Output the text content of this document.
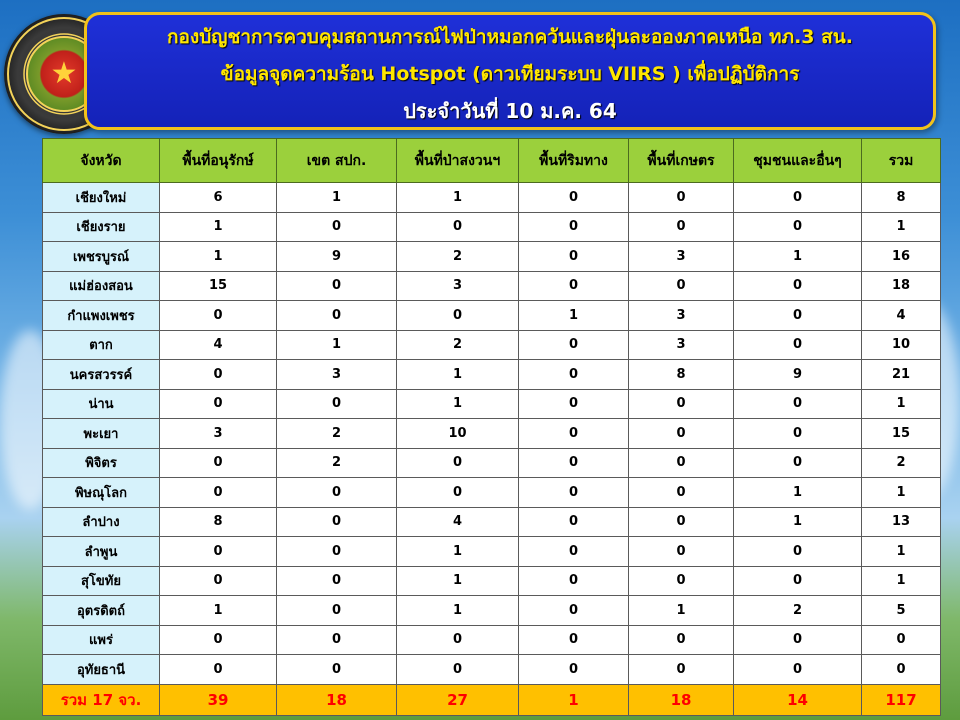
★
กองบัญชาการควบคุมสถานการณ์ไฟป่าหมอกควันและฝุ่นละอองภาคเหนือ ทภ.3 สน.
ข้อมูลจุดความร้อน Hotspot (ดาวเทียมระบบ VIIRS ) เพื่อปฏิบัติการ
ประจำวันที่ 10 ม.ค. 64
จังหวัด	พื้นที่อนุรักษ์	เขต สปก.	พื้นที่ป่าสงวนฯ	พื้นที่ริมทาง	พื้นที่เกษตร	ชุมชนและอื่นๆ	รวม
เชียงใหม่	6	1	1	0	0	0	8
เชียงราย	1	0	0	0	0	0	1
เพชรบูรณ์	1	9	2	0	3	1	16
แม่ฮ่องสอน	15	0	3	0	0	0	18
กำแพงเพชร	0	0	0	1	3	0	4
ตาก	4	1	2	0	3	0	10
นครสวรรค์	0	3	1	0	8	9	21
น่าน	0	0	1	0	0	0	1
พะเยา	3	2	10	0	0	0	15
พิจิตร	0	2	0	0	0	0	2
พิษณุโลก	0	0	0	0	0	1	1
ลำปาง	8	0	4	0	0	1	13
ลำพูน	0	0	1	0	0	0	1
สุโขทัย	0	0	1	0	0	0	1
อุตรดิตถ์	1	0	1	0	1	2	5
แพร่	0	0	0	0	0	0	0
อุทัยธานี	0	0	0	0	0	0	0
รวม 17 จว.	39	18	27	1	18	14	117
